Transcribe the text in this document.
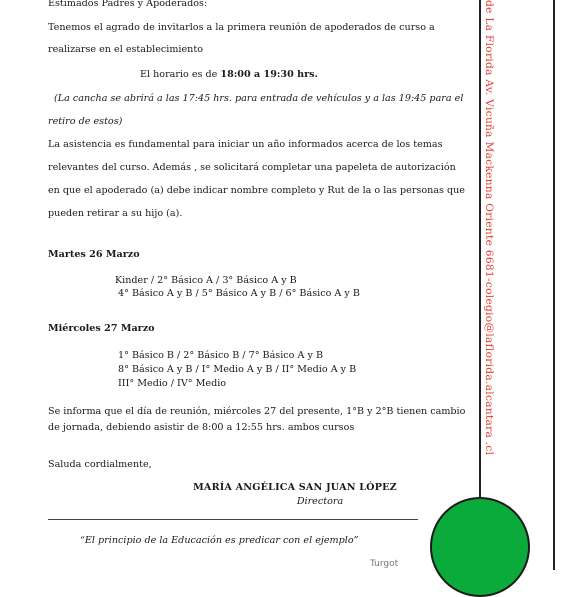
Estimados Padres y Apoderados:
Tenemos el agrado de invitarlos a la primera reunión de apoderados de curso a
realizarse en el establecimiento
El horario es de 18:00 a 19:30 hrs.
(La cancha se abrirá a las 17:45 hrs. para entrada de vehículos y a las 19:45 para el
retiro de estos)
La asistencia es fundamental para iniciar un año informados acerca de los temas
relevantes del curso. Además , se solicitará completar una papeleta de autorización
en que el apoderado (a) debe indicar nombre completo y Rut de la o las personas que
pueden retirar a su hijo (a).
Martes 26 Marzo
Kinder / 2° Básico A / 3° Básico A y B
4° Básico A y B / 5° Básico A y B / 6° Básico A y B
Miércoles 27 Marzo
1° Básico B / 2° Básico B / 7° Básico A y B
8° Básico A y B / I° Medio A y B / II° Medio A y B
III° Medio / IV° Medio
Se informa que el día de reunión, miércoles 27 del presente, 1°B y 2°B tienen cambio
de jornada, debiendo asistir de 8:00 a 12:55 hrs. ambos cursos
Saluda cordialmente,
MARÍA ANGÉLICA SAN JUAN LÓPEZ
Directora
“El principio de la Educación es predicar con el ejemplo”
Turgot
de La Florida Av. Vicuña Mackenna Oriente 6681-colegio@laflorida.alcantara .cl
